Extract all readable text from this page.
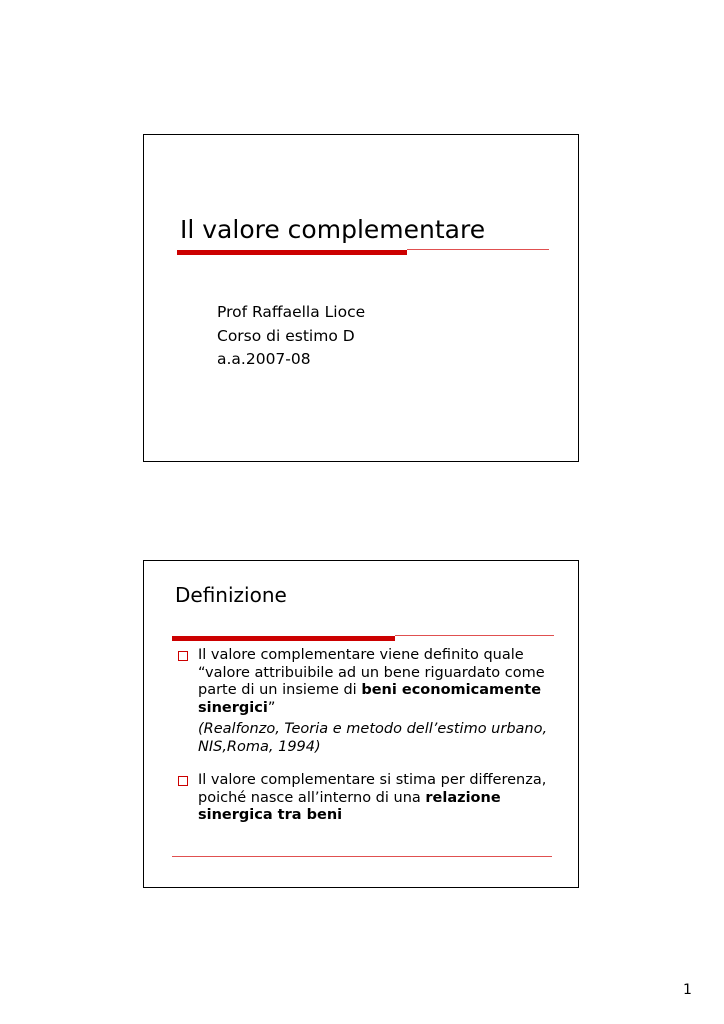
Il valore complementare
Prof Raffaella Lioce
Corso di estimo D
a.a.2007-08
Definizione
Il valore complementare viene definito quale “valore attribuibile ad un bene riguardato come parte di un insieme di beni economicamente sinergici”
(Realfonzo, Teoria e metodo dell’estimo urbano, NIS,Roma, 1994)
Il valore complementare si stima per differenza, poiché nasce all’interno di una relazione sinergica tra beni
1
